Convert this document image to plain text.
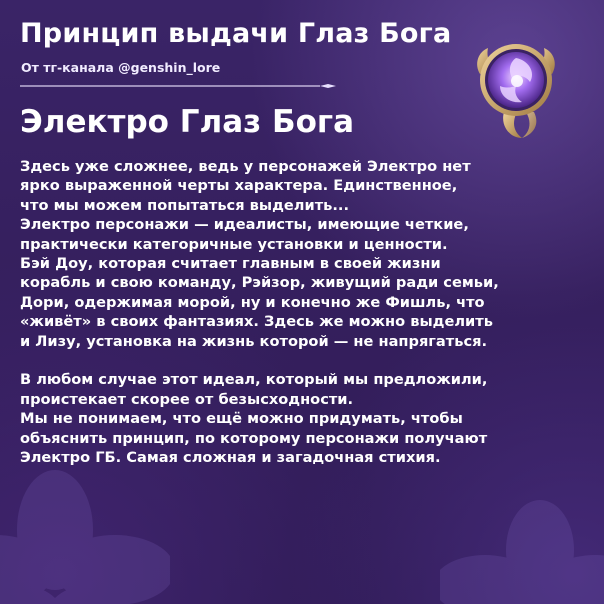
Принцип выдачи Глаз Бога
От тг-канала @genshin_lore
Электро Глаз Бога
Здесь уже сложнее, ведь у персонажей Электро нет
ярко выраженной черты характера. Единственное,
что мы можем попытаться выделить...
Электро персонажи — идеалисты, имеющие четкие,
практически категоричные установки и ценности.
Бэй Доу, которая считает главным в своей жизни
корабль и свою команду, Рэйзор, живущий ради семьи,
Дори, одержимая морой, ну и конечно же Фишль, что
«живёт» в своих фантазиях. Здесь же можно выделить
и Лизу, установка на жизнь которой — не напрягаться.
В любом случае этот идеал, который мы предложили,
проистекает скорее от безысходности.
Мы не понимаем, что ещё можно придумать, чтобы
объяснить принцип, по которому персонажи получают
Электро ГБ. Самая сложная и загадочная стихия.
